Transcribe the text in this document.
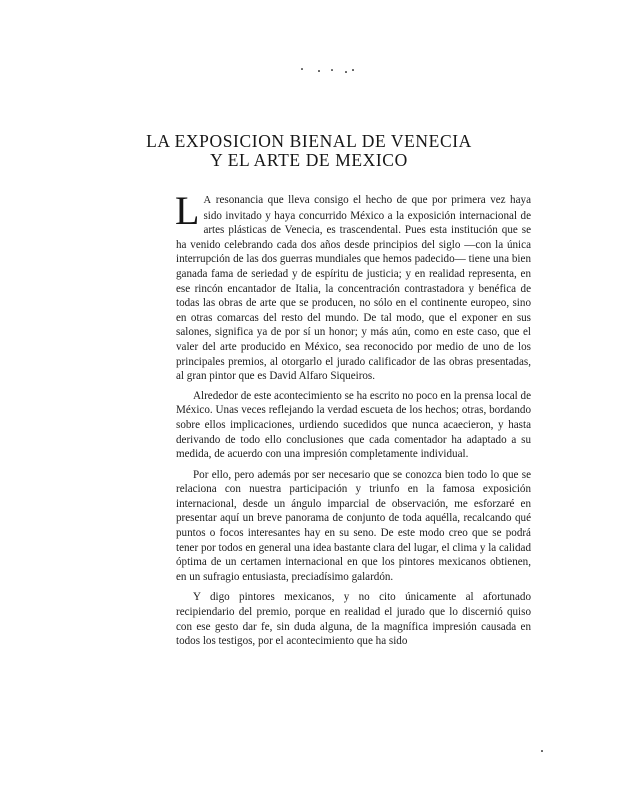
LA EXPOSICION BIENAL DE VENECIA
Y EL ARTE DE MEXICO

LA resonancia que lleva consigo el hecho de que por primera vez haya sido invitado y haya concurrido México a la exposición internacional de artes plásticas de Venecia, es trascendental. Pues esta institución que se ha venido celebrando cada dos años desde principios del siglo —con la única interrupción de las dos guerras mundiales que hemos padecido— tiene una bien ganada fama de seriedad y de espíritu de justicia; y en realidad representa, en ese rincón encantador de Italia, la concentración contrastadora y benéfica de todas las obras de arte que se producen, no sólo en el continente europeo, sino en otras comarcas del resto del mundo. De tal modo, que el exponer en sus salones, significa ya de por sí un honor; y más aún, como en este caso, que el valer del arte producido en México, sea reconocido por medio de uno de los principales premios, al otorgarlo el jurado calificador de las obras presentadas, al gran pintor que es David Alfaro Siqueiros.

Alrededor de este acontecimiento se ha escrito no poco en la prensa local de México. Unas veces reflejando la verdad escueta de los hechos; otras, bordando sobre ellos implicaciones, urdiendo sucedidos que nunca acaecieron, y hasta derivando de todo ello conclusiones que cada comentador ha adaptado a su medida, de acuerdo con una impresión completamente individual.

Por ello, pero además por ser necesario que se conozca bien todo lo que se relaciona con nuestra participación y triunfo en la famosa exposición internacional, desde un ángulo imparcial de observación, me esforzaré en presentar aquí un breve panorama de conjunto de toda aquélla, recalcando qué puntos o focos interesantes hay en su seno. De este modo creo que se podrá tener por todos en general una idea bastante clara del lugar, el clima y la calidad óptima de un certamen internacional en que los pintores mexicanos obtienen, en un sufragio entusiasta, preciadísimo galardón.

Y digo pintores mexicanos, y no cito únicamente al afortunado recipiendario del premio, porque en realidad el jurado que lo discernió quiso con ese gesto dar fe, sin duda alguna, de la magnífica impresión causada en todos los testigos, por el acontecimiento que ha sido
